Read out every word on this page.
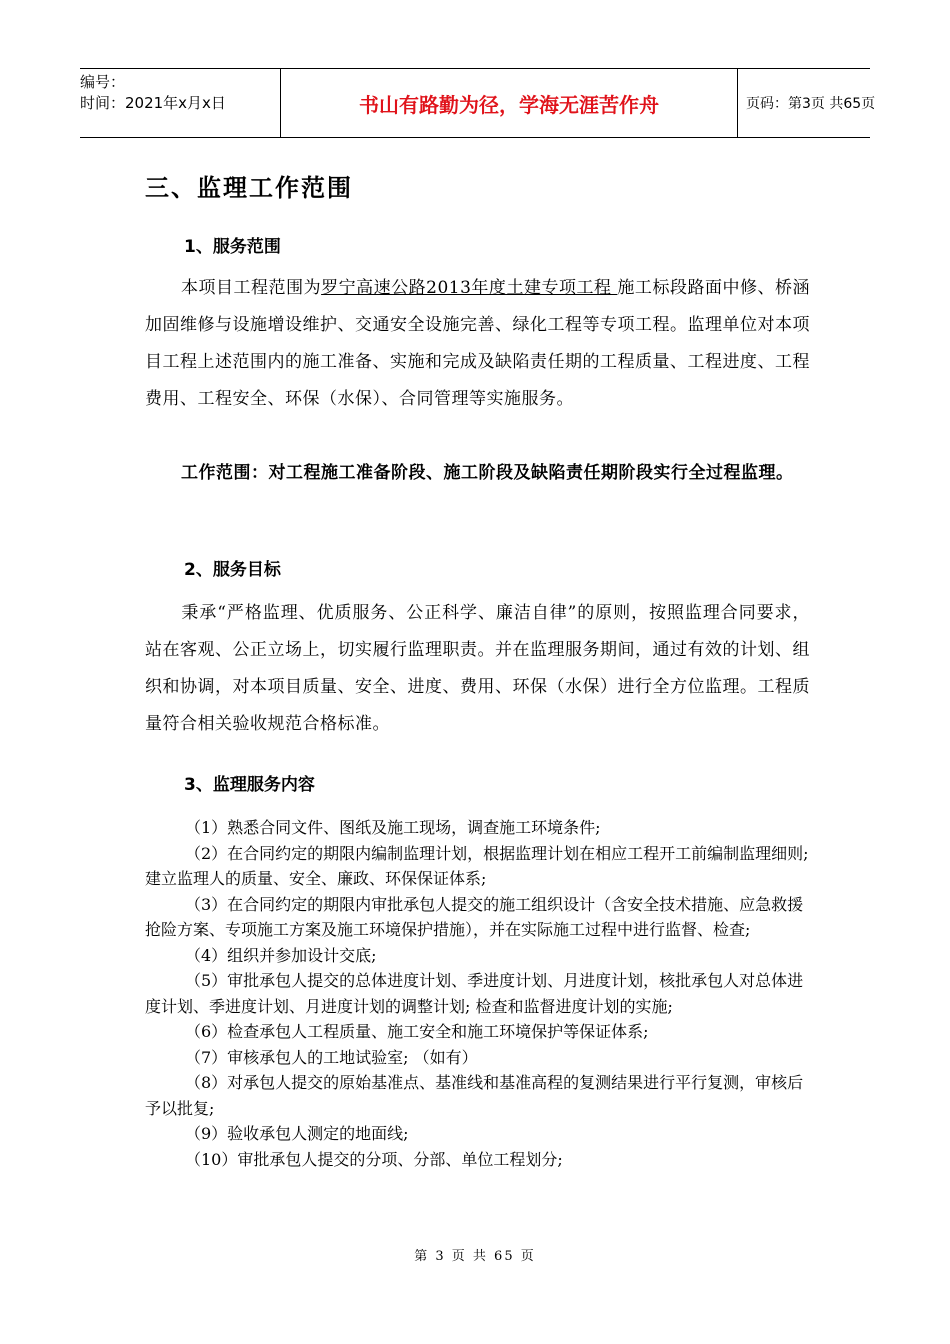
编号：
时间：2021年x月x日	书山有路勤为径，学海无涯苦作舟	页码：第3页 共65页
三、监理工作范围
1、服务范围
本项目工程范围为罗宁高速公路2013年度土建专项工程 施工标段路面中修、桥涵加固维修与设施增设维护、交通安全设施完善、绿化工程等专项工程。监理单位对本项目工程上述范围内的施工准备、实施和完成及缺陷责任期的工程质量、工程进度、工程费用、工程安全、环保（水保）、合同管理等实施服务。
工作范围：对工程施工准备阶段、施工阶段及缺陷责任期阶段实行全过程监理。
2、服务目标
秉承“严格监理、优质服务、公正科学、廉洁自律”的原则，按照监理合同要求，站在客观、公正立场上，切实履行监理职责。并在监理服务期间，通过有效的计划、组织和协调，对本项目质量、安全、进度、费用、环保（水保）进行全方位监理。工程质量符合相关验收规范合格标准。
3、监理服务内容
（1）熟悉合同文件、图纸及施工现场，调查施工环境条件;
（2）在合同约定的期限内编制监理计划，根据监理计划在相应工程开工前编制监理细则; 建立监理人的质量、安全、廉政、环保保证体系;
（3）在合同约定的期限内审批承包人提交的施工组织设计（含安全技术措施、应急救援抢险方案、专项施工方案及施工环境保护措施），并在实际施工过程中进行监督、检查;
（4）组织并参加设计交底;
（5）审批承包人提交的总体进度计划、季进度计划、月进度计划，核批承包人对总体进度计划、季进度计划、月进度计划的调整计划; 检查和监督进度计划的实施;
（6）检查承包人工程质量、施工安全和施工环境保护等保证体系;
（7）审核承包人的工地试验室; （如有）
（8）对承包人提交的原始基准点、基准线和基准高程的复测结果进行平行复测，审核后予以批复;
（9）验收承包人测定的地面线;
（10）审批承包人提交的分项、分部、单位工程划分;
第 3 页 共 65 页
